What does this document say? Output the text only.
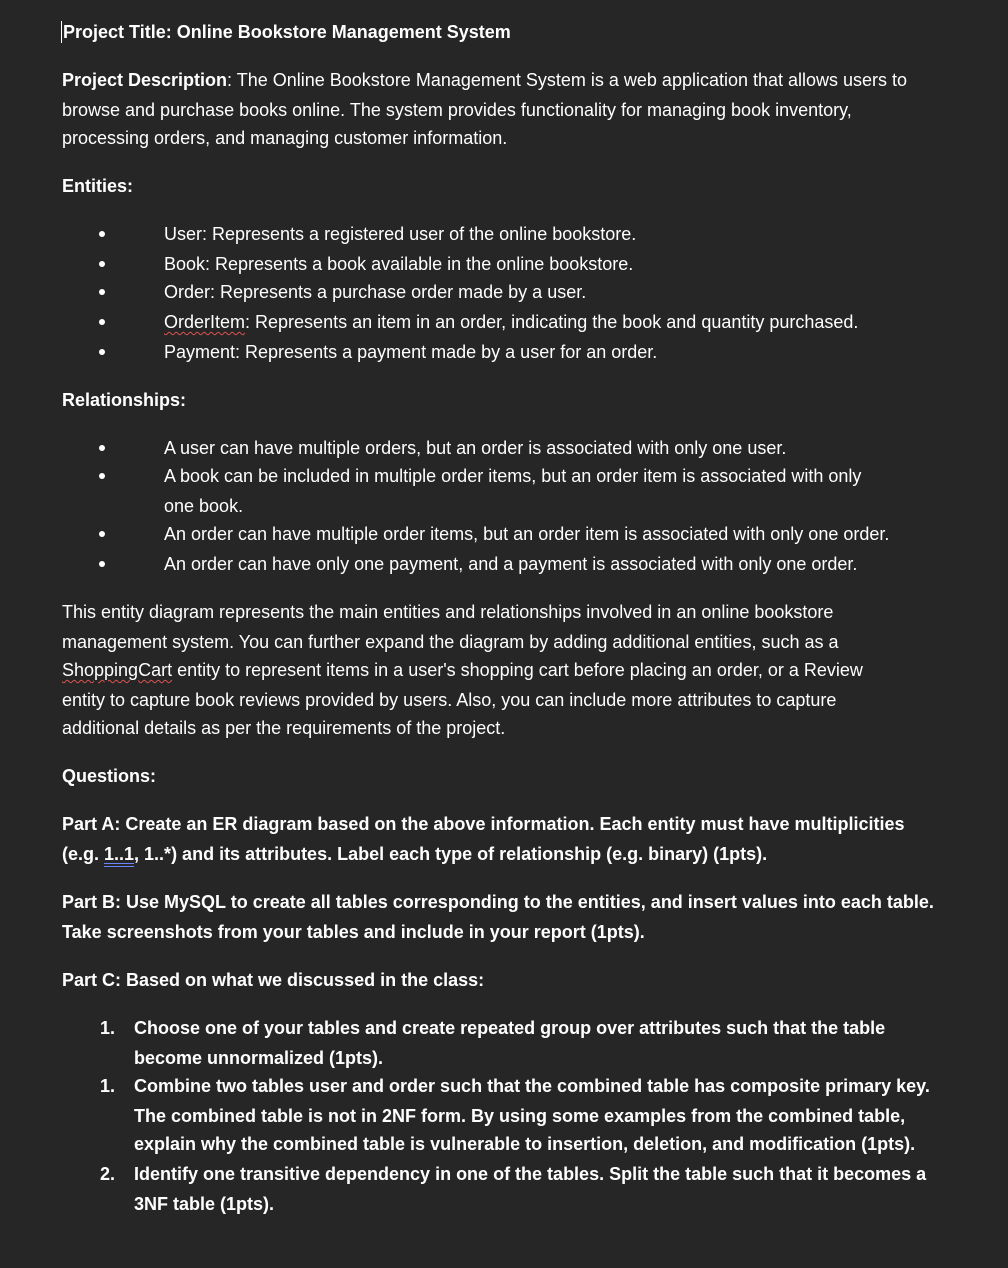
Project Title: Online Bookstore Management System
Project Description: The Online Bookstore Management System is a web application that allows users to
browse and purchase books online. The system provides functionality for managing book inventory,
processing orders, and managing customer information.
Entities:
User: Represents a registered user of the online bookstore.
Book: Represents a book available in the online bookstore.
Order: Represents a purchase order made by a user.
OrderItem: Represents an item in an order, indicating the book and quantity purchased.
Payment: Represents a payment made by a user for an order.
Relationships:
A user can have multiple orders, but an order is associated with only one user.
A book can be included in multiple order items, but an order item is associated with only
one book.
An order can have multiple order items, but an order item is associated with only one order.
An order can have only one payment, and a payment is associated with only one order.
This entity diagram represents the main entities and relationships involved in an online bookstore
management system. You can further expand the diagram by adding additional entities, such as a
ShoppingCart entity to represent items in a user's shopping cart before placing an order, or a Review
entity to capture book reviews provided by users. Also, you can include more attributes to capture
additional details as per the requirements of the project.
Questions:
Part A: Create an ER diagram based on the above information. Each entity must have multiplicities
(e.g. 1..1, 1..*) and its attributes. Label each type of relationship (e.g. binary) (1pts).
Part B: Use MySQL to create all tables corresponding to the entities, and insert values into each table.
Take screenshots from your tables and include in your report (1pts).
Part C: Based on what we discussed in the class:
1. Choose one of your tables and create repeated group over attributes such that the table
become unnormalized (1pts).
1. Combine two tables user and order such that the combined table has composite primary key.
The combined table is not in 2NF form. By using some examples from the combined table,
explain why the combined table is vulnerable to insertion, deletion, and modification (1pts).
2. Identify one transitive dependency in one of the tables. Split the table such that it becomes a
3NF table (1pts).
